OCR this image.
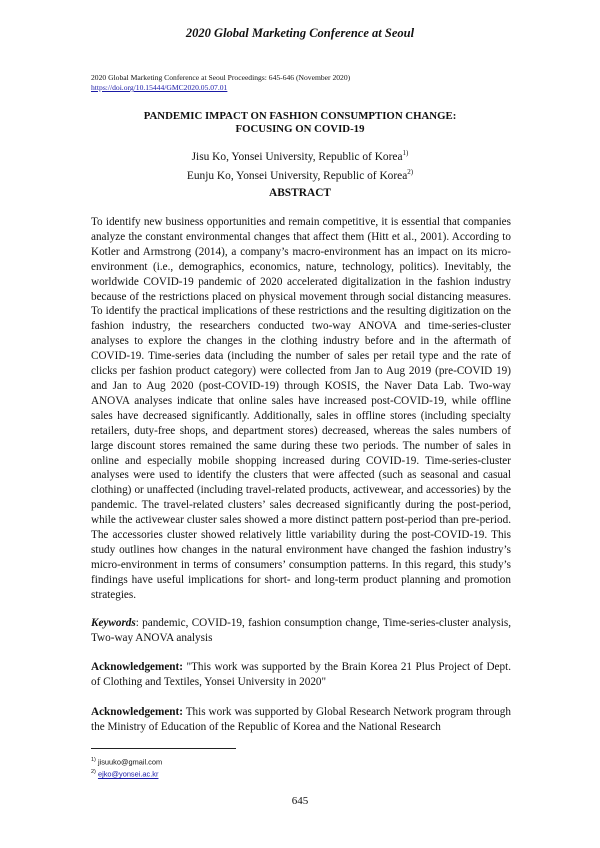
2020 Global Marketing Conference at Seoul
2020 Global Marketing Conference at Seoul Proceedings: 645-646 (November 2020)
https://doi.org/10.15444/GMC2020.05.07.01
PANDEMIC IMPACT ON FASHION CONSUMPTION CHANGE:
FOCUSING ON COVID-19
Jisu Ko, Yonsei University, Republic of Korea$^{1)}$
Eunju Ko, Yonsei University, Republic of Korea$^{2)}$
ABSTRACT
To identify new business opportunities and remain competitive, it is essential that companies analyze the constant environmental changes that affect them (Hitt et al., 2001). According to Kotler and Armstrong (2014), a company’s macro-environment has an impact on its micro-environment (i.e., demographics, economics, nature, technology, politics). Inevitably, the worldwide COVID-19 pandemic of 2020 accelerated digitalization in the fashion industry because of the restrictions placed on physical movement through social distancing measures. To identify the practical implications of these restrictions and the resulting digitization on the fashion industry, the researchers conducted two-way ANOVA and time-series-cluster analyses to explore the changes in the clothing industry before and in the aftermath of COVID-19. Time-series data (including the number of sales per retail type and the rate of clicks per fashion product category) were collected from Jan to Aug 2019 (pre-COVID 19) and Jan to Aug 2020 (post-COVID-19) through KOSIS, the Naver Data Lab. Two-way ANOVA analyses indicate that online sales have increased post-COVID-19, while offline sales have decreased significantly. Additionally, sales in offline stores (including specialty retailers, duty-free shops, and department stores) decreased, whereas the sales numbers of large discount stores remained the same during these two periods. The number of sales in online and especially mobile shopping increased during COVID-19. Time-series-cluster analyses were used to identify the clusters that were affected (such as seasonal and casual clothing) or unaffected (including travel-related products, activewear, and accessories) by the pandemic. The travel-related clusters’ sales decreased significantly during the post-period, while the activewear cluster sales showed a more distinct pattern post-period than pre-period. The accessories cluster showed relatively little variability during the post-COVID-19. This study outlines how changes in the natural environment have changed the fashion industry’s micro-environment in terms of consumers’ consumption patterns. In this regard, this study’s findings have useful implications for short- and long-term product planning and promotion strategies.
Keywords: pandemic, COVID-19, fashion consumption change, Time-series-cluster analysis, Two-way ANOVA analysis
Acknowledgement: "This work was supported by the Brain Korea 21 Plus Project of Dept. of Clothing and Textiles, Yonsei University in 2020"
Acknowledgement: This work was supported by Global Research Network program through the Ministry of Education of the Republic of Korea and the National Research
$^{1)}$ jisuuko@gmail.com
$^{2)}$ ejko@yonsei.ac.kr
645
